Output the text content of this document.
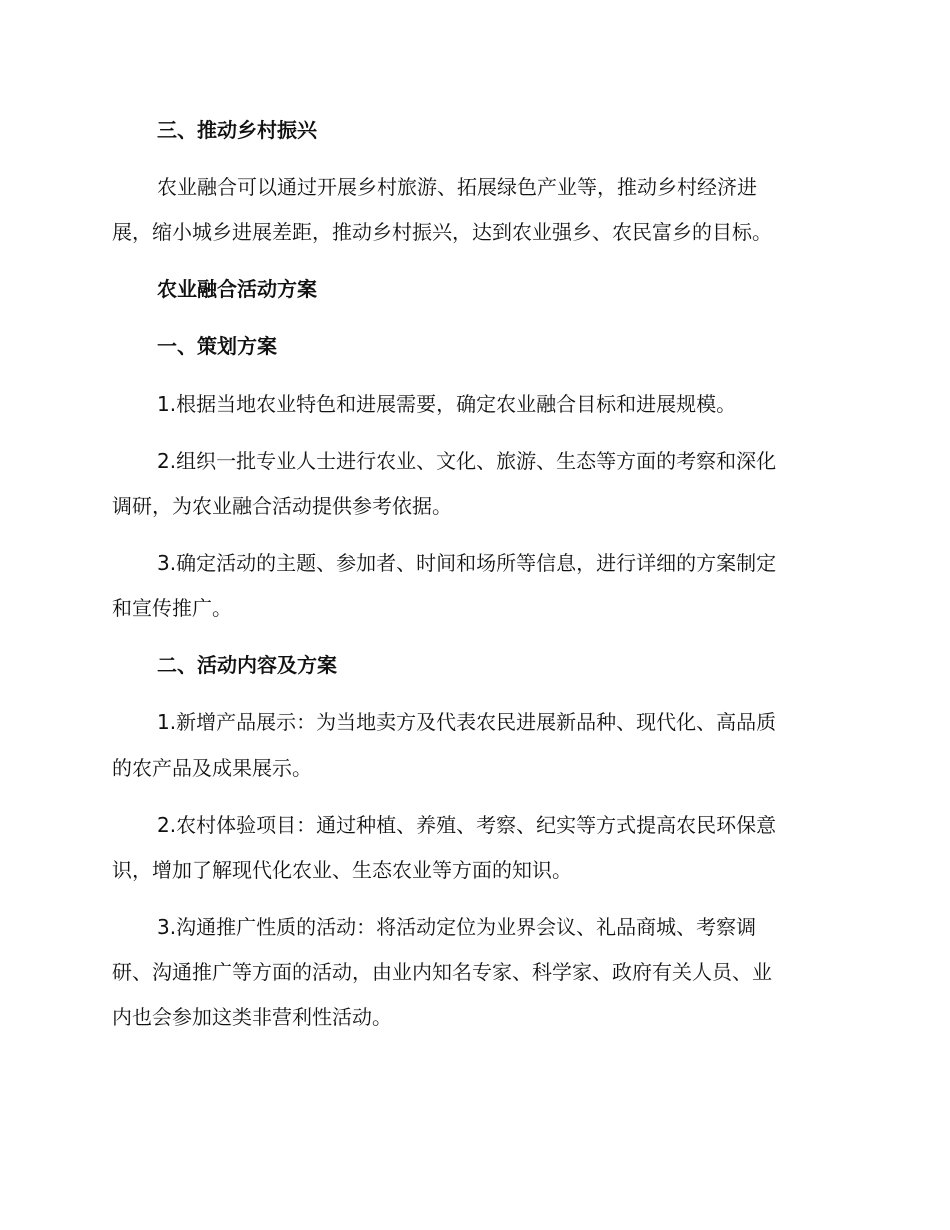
三、推动乡村振兴
农业融合可以通过开展乡村旅游、拓展绿色产业等，推动乡村经济进
展，缩小城乡进展差距，推动乡村振兴，达到农业强乡、农民富乡的目标。
农业融合活动方案
一、策划方案
1.根据当地农业特色和进展需要，确定农业融合目标和进展规模。
2.组织一批专业人士进行农业、文化、旅游、生态等方面的考察和深化
调研，为农业融合活动提供参考依据。
3.确定活动的主题、参加者、时间和场所等信息，进行详细的方案制定
和宣传推广。
二、活动内容及方案
1.新增产品展示：为当地卖方及代表农民进展新品种、现代化、高品质
的农产品及成果展示。
2.农村体验项目：通过种植、养殖、考察、纪实等方式提高农民环保意
识，增加了解现代化农业、生态农业等方面的知识。
3.沟通推广性质的活动：将活动定位为业界会议、礼品商城、考察调
研、沟通推广等方面的活动，由业内知名专家、科学家、政府有关人员、业
内也会参加这类非营利性活动。
